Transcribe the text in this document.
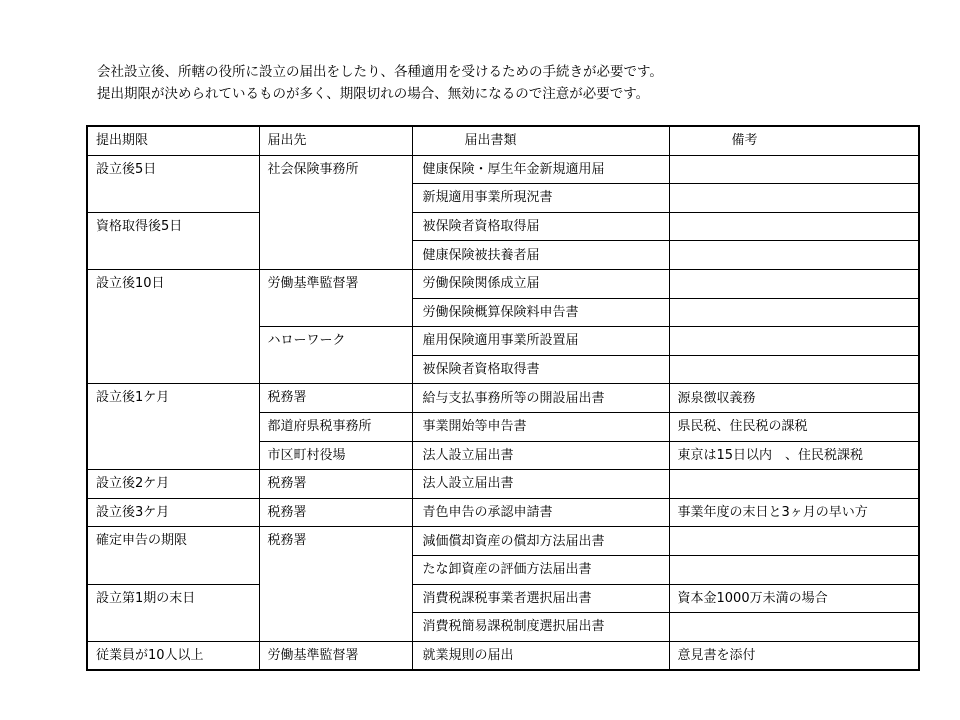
会社設立後、所轄の役所に設立の届出をしたり、各種適用を受けるための手続きが必要です。

提出期限が決められているものが多く、期限切れの場合、無効になるので注意が必要です。

提出期限	届出先	届出書類	備考
設立後5日	社会保険事務所	健康保険・厚生年金新規適用届	
		新規適用事業所現況書	
資格取得後5日		被保険者資格取得届	
		健康保険被扶養者届	
設立後10日	労働基準監督署	労働保険関係成立届	
		労働保険概算保険料申告書	
	ハローワーク	雇用保険適用事業所設置届	
		被保険者資格取得書	
設立後1ケ月	税務署	給与支払事務所等の開設届出書	源泉徴収義務
	都道府県税事務所	事業開始等申告書	県民税、住民税の課税
	市区町村役場	法人設立届出書	東京は15日以内　、住民税課税
設立後2ケ月	税務署	法人設立届出書	
設立後3ケ月	税務署	青色申告の承認申請書	事業年度の末日と3ヶ月の早い方
確定申告の期限	税務署	減価償却資産の償却方法届出書	
		たな卸資産の評価方法届出書	
設立第1期の末日		消費税課税事業者選択届出書	資本金1000万未満の場合
		消費税簡易課税制度選択届出書	
従業員が10人以上	労働基準監督署	就業規則の届出	意見書を添付
